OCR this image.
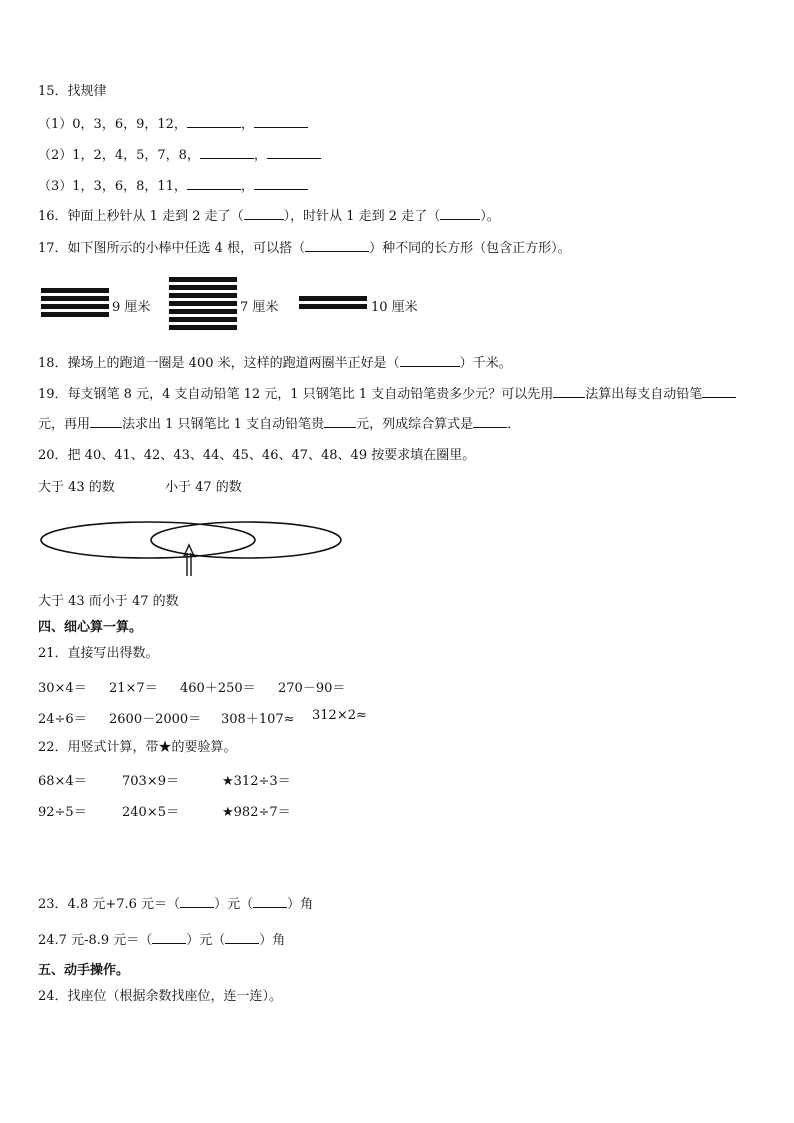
15．找规律
（1）0，3，6，9，12，	，
（2）1，2，4，5，7，8，	，
（3）1，3，6，8，11，	，
16．钟面上秒针从 1 走到 2 走了（	），时针从 1 走到 2 走了（	）。
17．如下图所示的小棒中任选 4 根，可以搭（	）种不同的长方形（包含正方形）。
9 厘米	7 厘米	10 厘米
18．操场上的跑道一圈是 400 米，这样的跑道两圈半正好是（	）千米。
19．每支钢笔 8 元，4 支自动铅笔 12 元，1 只钢笔比 1 支自动铅笔贵多少元？可以先用 法算出每支自动铅笔
元，再用 法求出 1 只钢笔比 1 支自动铅笔贵 元，列成综合算式是	．
20．把 40、41、42、43、44、45、46、47、48、49 按要求填在圈里。
大于 43 的数	小于 47 的数
大于 43 而小于 47 的数
四、细心算一算。
21．直接写出得数。
30×4＝ 21×7＝ 460＋250＝ 270－90＝
24÷6＝ 2600－2000＝ 308＋107≈ 312×2≈
22．用竖式计算，带★的要验算。
68×4＝	703×9＝	★312÷3＝
92÷5＝	240×5＝	★982÷7＝
23．4.8 元+7.6 元＝（	）元（	）角
24.7 元-8.9 元＝（	）元（	）角
五、动手操作。
24．找座位（根据余数找座位，连一连）。
